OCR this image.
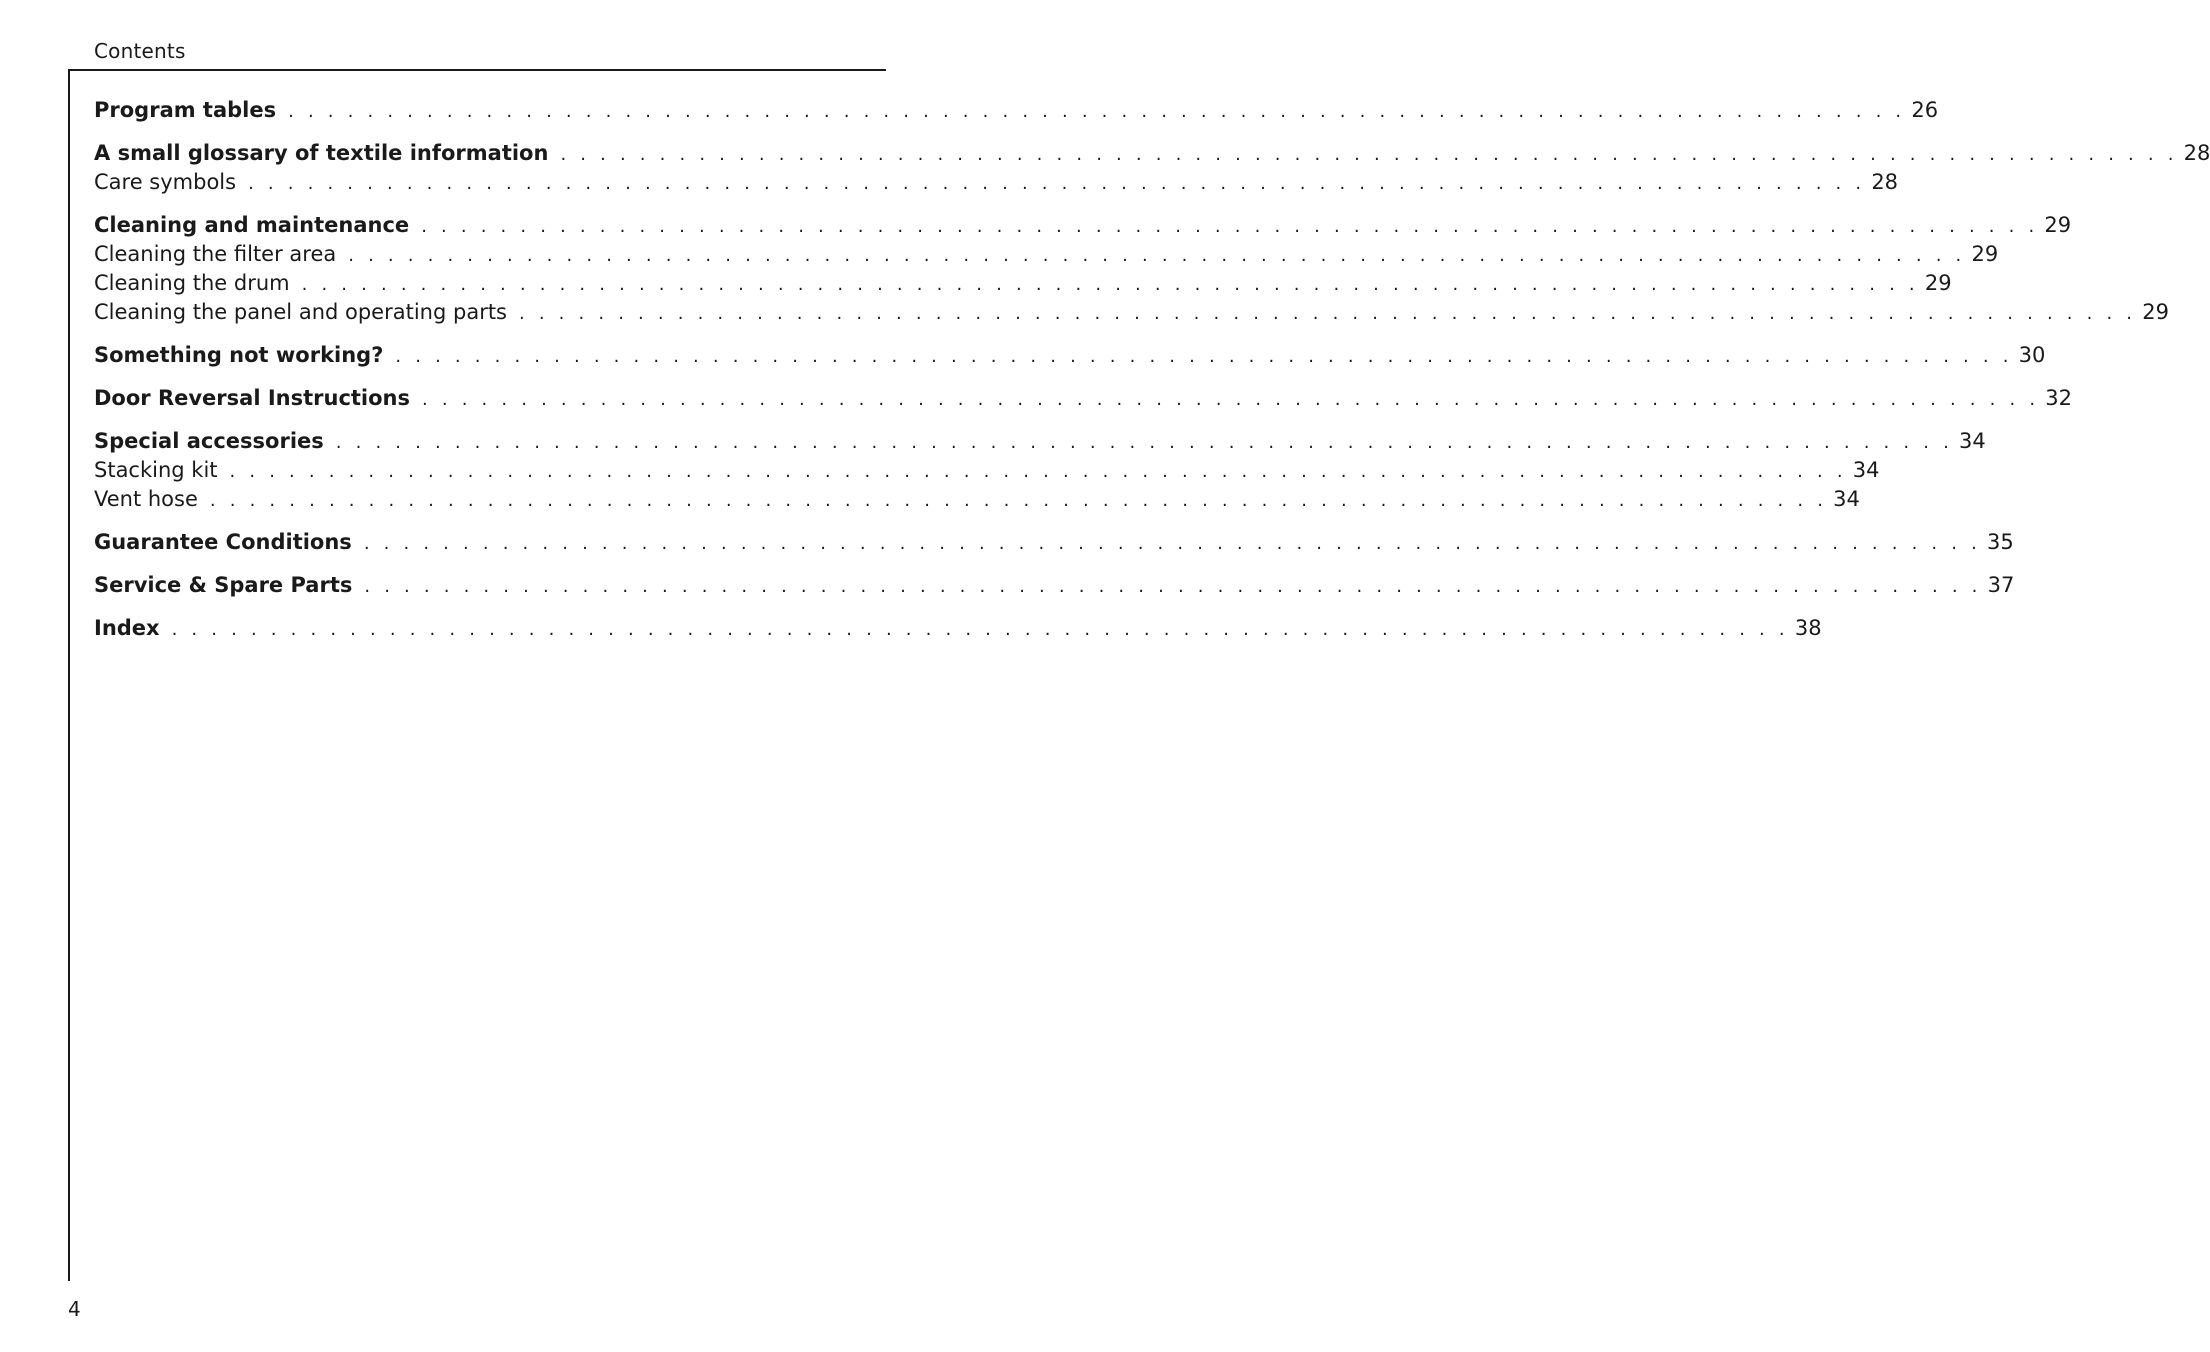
Contents
Program tables . . . . . . . . . . . . . . . . . . . . . . . . . . . . . . . . . . . . . . . . . . . . . . . . . . . . . . . . . . . . . . . . . . . . . . . . . . . . . . . . . . 26
A small glossary of textile information . . . . . . . . . . . . . . . . . . . . . . . . . . . . . . . . . . . . . . . . . . . . . . . . . . . . . . . . . . . . . . . . . . . . . . . . . . . . . . . . . . 28
Care symbols . . . . . . . . . . . . . . . . . . . . . . . . . . . . . . . . . . . . . . . . . . . . . . . . . . . . . . . . . . . . . . . . . . . . . . . . . . . . . . . . . . 28
Cleaning and maintenance . . . . . . . . . . . . . . . . . . . . . . . . . . . . . . . . . . . . . . . . . . . . . . . . . . . . . . . . . . . . . . . . . . . . . . . . . . . . . . . . . . 29
Cleaning the filter area . . . . . . . . . . . . . . . . . . . . . . . . . . . . . . . . . . . . . . . . . . . . . . . . . . . . . . . . . . . . . . . . . . . . . . . . . . . . . . . . . . 29
Cleaning the drum . . . . . . . . . . . . . . . . . . . . . . . . . . . . . . . . . . . . . . . . . . . . . . . . . . . . . . . . . . . . . . . . . . . . . . . . . . . . . . . . . . 29
Cleaning the panel and operating parts . . . . . . . . . . . . . . . . . . . . . . . . . . . . . . . . . . . . . . . . . . . . . . . . . . . . . . . . . . . . . . . . . . . . . . . . . . . . . . . . . . 29
Something not working? . . . . . . . . . . . . . . . . . . . . . . . . . . . . . . . . . . . . . . . . . . . . . . . . . . . . . . . . . . . . . . . . . . . . . . . . . . . . . . . . . . 30
Door Reversal Instructions . . . . . . . . . . . . . . . . . . . . . . . . . . . . . . . . . . . . . . . . . . . . . . . . . . . . . . . . . . . . . . . . . . . . . . . . . . . . . . . . . . 32
Special accessories . . . . . . . . . . . . . . . . . . . . . . . . . . . . . . . . . . . . . . . . . . . . . . . . . . . . . . . . . . . . . . . . . . . . . . . . . . . . . . . . . . 34
Stacking kit . . . . . . . . . . . . . . . . . . . . . . . . . . . . . . . . . . . . . . . . . . . . . . . . . . . . . . . . . . . . . . . . . . . . . . . . . . . . . . . . . . 34
Vent hose . . . . . . . . . . . . . . . . . . . . . . . . . . . . . . . . . . . . . . . . . . . . . . . . . . . . . . . . . . . . . . . . . . . . . . . . . . . . . . . . . . 34
Guarantee Conditions . . . . . . . . . . . . . . . . . . . . . . . . . . . . . . . . . . . . . . . . . . . . . . . . . . . . . . . . . . . . . . . . . . . . . . . . . . . . . . . . . . 35
Service & Spare Parts . . . . . . . . . . . . . . . . . . . . . . . . . . . . . . . . . . . . . . . . . . . . . . . . . . . . . . . . . . . . . . . . . . . . . . . . . . . . . . . . . . 37
Index . . . . . . . . . . . . . . . . . . . . . . . . . . . . . . . . . . . . . . . . . . . . . . . . . . . . . . . . . . . . . . . . . . . . . . . . . . . . . . . . . . 38
4
